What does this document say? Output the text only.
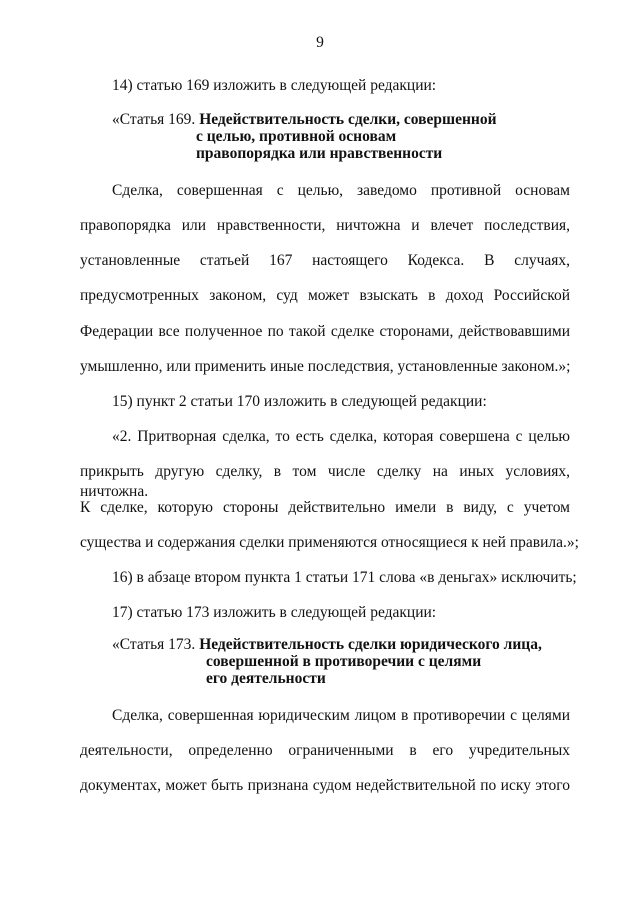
9
14) статью 169 изложить в следующей редакции:
«Статья 169. Недействительность сделки, совершенной
с целью, противной основам
правопорядка или нравственности
Сделка, совершенная с целью, заведомо противной основам
правопорядка или нравственности, ничтожна и влечет последствия,
установленные статьей 167 настоящего Кодекса. В случаях,
предусмотренных законом, суд может взыскать в доход Российской
Федерации все полученное по такой сделке сторонами, действовавшими
умышленно, или применить иные последствия, установленные законом.»;
15) пункт 2 статьи 170 изложить в следующей редакции:
«2. Притворная сделка, то есть сделка, которая совершена с целью
прикрыть другую сделку, в том числе сделку на иных условиях, ничтожна.
К сделке, которую стороны действительно имели в виду, с учетом
существа и содержания сделки применяются относящиеся к ней правила.»;
16) в абзаце втором пункта 1 статьи 171 слова «в деньгах» исключить;
17) статью 173 изложить в следующей редакции:
«Статья 173. Недействительность сделки юридического лица,
совершенной в противоречии с целями
его деятельности
Сделка, совершенная юридическим лицом в противоречии с целями
деятельности, определенно ограниченными в его учредительных
документах, может быть признана судом недействительной по иску этого
